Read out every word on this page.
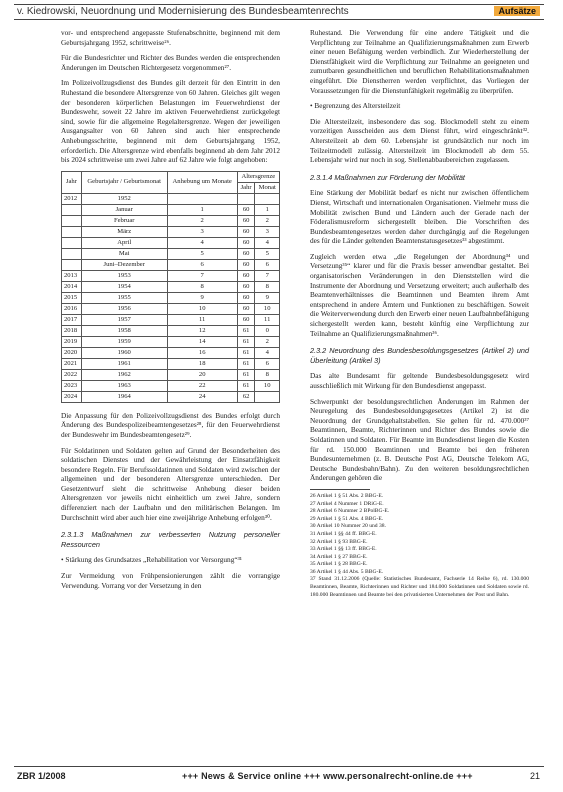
v. Kiedrowski, Neuordnung und Modernisierung des Bundesbeamtenrechts	Aufsätze

vor- und entsprechend angepasste Stufenabschnitte, beginnend mit dem Geburtsjahrgang 1952, schrittweise²⁶.

Für die Bundesrichter und Richter des Bundes werden die entsprechenden Änderungen im Deutschen Richtergesetz vorgenommen²⁷.

Im Polizeivollzugsdienst des Bundes gilt derzeit für den Eintritt in den Ruhestand die besondere Altersgrenze von 60 Jahren. Gleiches gilt wegen der besonderen körperlichen Belastungen im Feuerwehrdienst der Bundeswehr, soweit 22 Jahre im aktiven Feuerwehrdienst zurückgelegt sind, sowie für die allgemeine Regelaltersgrenze. Wegen der jeweiligen Ausgangsalter von 60 Jahren sind auch hier entsprechende Anhebungsschritte, beginnend mit dem Geburtsjahrgang 1952, erforderlich. Die Altersgrenze wird ebenfalls beginnend ab dem Jahr 2012 bis 2024 schrittweise um zwei Jahre auf 62 Jahre wie folgt angehoben:

Jahr	Geburtsjahr / Geburtsmonat	Anhebung um Monate	Altersgrenze	
			Jahr	Monat
2012	1952			
	Januar	1	60	1
	Februar	2	60	2
	März	3	60	3
	April	4	60	4
	Mai	5	60	5
	Juni–Dezember	6	60	6
2013	1953	7	60	7
2014	1954	8	60	8
2015	1955	9	60	9
2016	1956	10	60	10
2017	1957	11	60	11
2018	1958	12	61	0
2019	1959	14	61	2
2020	1960	16	61	4
2021	1961	18	61	6
2022	1962	20	61	8
2023	1963	22	61	10
2024	1964	24	62	

Die Anpassung für den Polizeivollzugsdienst des Bundes erfolgt durch Änderung des Bundespolizeibeamtengesetzes²⁸, für den Feuerwehrdienst der Bundeswehr im Bundesbeamtengesetz²⁹.

Für Soldatinnen und Soldaten gelten auf Grund der Besonderheiten des soldatischen Dienstes und der Gewährleistung der Einsatzfähigkeit besondere Regeln. Für Berufssoldatinnen und Soldaten wird zwischen der allgemeinen und der besonderen Altersgrenze unterschieden. Der Gesetzentwurf sieht die schrittweise Anhebung dieser beiden Altersgrenzen vor jeweils nicht einheitlich um zwei Jahre, sondern differenziert nach der Laufbahn und den militärischen Belangen. Im Durchschnitt wird aber auch hier eine zweijährige Anhebung erfolgen³⁰.

2.3.1.3 Maßnahmen zur verbesserten Nutzung personeller Ressourcen

• Stärkung des Grundsatzes „Rehabilitation vor Versorgung“³¹

Zur Vermeidung von Frühpensionierungen zählt die vorrangige Verwendung. Vorrang vor der Versetzung in den

Ruhestand. Die Verwendung für eine andere Tätigkeit und die Verpflichtung zur Teilnahme an Qualifizierungsmaßnahmen zum Erwerb einer neuen Befähigung werden verbindlich. Zur Wiederherstellung der Dienstfähigkeit wird die Verpflichtung zur Teilnahme an geeigneten und zumutbaren gesundheitlichen und beruflichen Rehabilitationsmaßnahmen eingeführt. Die Dienstherren werden verpflichtet, das Vorliegen der Voraussetzungen für die Dienstunfähigkeit regelmäßig zu überprüfen.

• Begrenzung des Altersteilzeit

Die Altersteilzeit, insbesondere das sog. Blockmodell steht zu einem vorzeitigen Ausscheiden aus dem Dienst führt, wird eingeschränkt³². Altersteilzeit ab dem 60. Lebensjahr ist grundsätzlich nur noch im Teilzeitmodell zulässig. Altersteilzeit im Blockmodell ab dem 55. Lebensjahr wird nur noch in sog. Stellenabbaubereichen zugelassen.

2.3.1.4 Maßnahmen zur Förderung der Mobilität

Eine Stärkung der Mobilität bedarf es nicht nur zwischen öffentlichem Dienst, Wirtschaft und internationalen Organisationen. Vielmehr muss die Mobilität zwischen Bund und Ländern auch der Gerade nach der Föderalismusreform sichergestellt bleiben. Die Vorschriften des Bundesbeamtengesetzes werden daher durchgängig auf die Regelungen des für die Länder geltenden Beamtenstatusgesetzes³³ abgestimmt.

Zugleich werden etwa „die Regelungen der Abordnung³⁴ und Versetzung³⁵“ klarer und für die Praxis besser anwendbar gestaltet. Bei organisatorischen Veränderungen in den Dienststellen wird die Instrumente der Abordnung und Versetzung erweitert; auch außerhalb des Beamtenverhältnisses die Beamtinnen und Beamten ihrem Amt entsprechend in andere Ämtern und Funktionen zu beschäftigen. Soweit die Weiterverwendung durch den Erwerb einer neuen Laufbahnbefähigung sichergestellt werden kann, besteht künftig eine Verpflichtung zur Teilnahme an Qualifizierungsmaßnahmen³⁶.

2.3.2 Neuordnung des Bundesbesoldungsgesetzes (Artikel 2) und Überleitung (Artikel 3)

Das alte Bundesamt für geltende Bundesbesoldungsgesetz wird ausschließlich mit Wirkung für den Bundesdienst angepasst.

Schwerpunkt der besoldungsrechtlichen Änderungen im Rahmen der Neuregelung des Bundesbesoldungsgesetzes (Artikel 2) ist die Neuordnung der Grundgehaltstabellen. Sie gelten für rd. 470.000³⁷ Beamtinnen, Beamte, Richterinnen und Richter des Bundes sowie die Soldatinnen und Soldaten. Für Beamte im Bundesdienst liegen die Kosten für rd. 150.000 Beamtinnen und Beamte bei den früheren Bundesunternehmen (z. B. Deutsche Post AG, Deutsche Telekom AG, Deutsche Bundesbahn/Bahn). Zu den weiteren besoldungsrechtlichen Änderungen gehören die

26 Artikel 1 § 51 Abs. 2 BBG-E.

27 Artikel 4 Nummer 1 DRiG-E.

28 Artikel 6 Nummer 2 BPolBG-E.

29 Artikel 1 § 51 Abs. 4 BBG-E.

30 Artikel 10 Nummer 20 und 38.

31 Artikel 1 §§ 44 ff. BBG-E.

32 Artikel 1 § 93 BBG-E.

33 Artikel 1 §§ 13 ff. BBG-E.

34 Artikel 1 § 27 BBG-E.

35 Artikel 1 § 28 BBG-E.

36 Artikel 1 § 44 Abs. 5 BBG-E.

37 Stand 31.12.2006 (Quelle: Statistisches Bundesamt, Fachserie 14 Reihe 6), rd. 130.000 Beamtinnen, Beamte, Richterinnen und Richter und 184.000 Soldatinnen und Soldaten sowie rd. 180.000 Beamtinnen und Beamte bei den privatisierten Unternehmen der Post und Bahn.

ZBR 1/2008	+++ News & Service online +++ www.personalrecht-online.de +++	21
